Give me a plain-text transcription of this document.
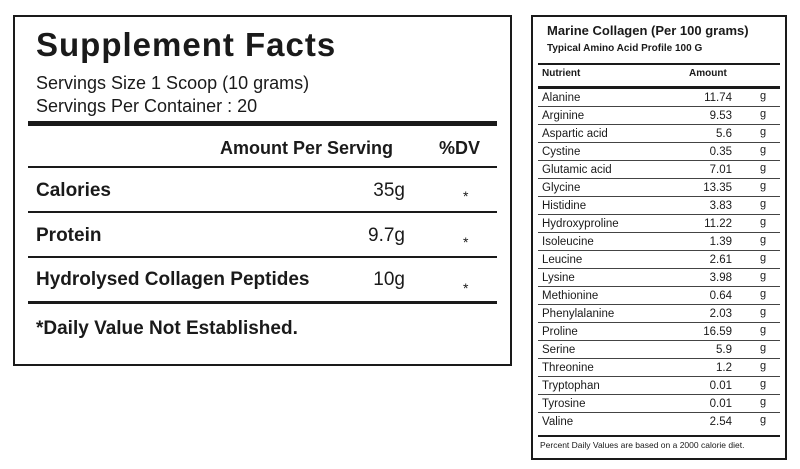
Supplement Facts
Servings Size 1 Scoop (10 grams)
Servings Per Container : 20
Amount Per Serving	%DV
Calories	35g	*
Protein	9.7g	*
Hydrolysed Collagen Peptides	10g	*
*Daily Value Not Established.
Marine Collagen (Per 100 grams)
Typical Amino Acid Profile 100 G
Nutrient	Amount
Alanine	11.74	g
Arginine	9.53	g
Aspartic acid	5.6	g
Cystine	0.35	g
Glutamic acid	7.01	g
Glycine	13.35	g
Histidine	3.83	g
Hydroxyproline	11.22	g
Isoleucine	1.39	g
Leucine	2.61	g
Lysine	3.98	g
Methionine	0.64	g
Phenylalanine	2.03	g
Proline	16.59	g
Serine	5.9	g
Threonine	1.2	g
Tryptophan	0.01	g
Tyrosine	0.01	g
Valine	2.54	g
Percent Daily Values are based on a 2000 calorie diet.
